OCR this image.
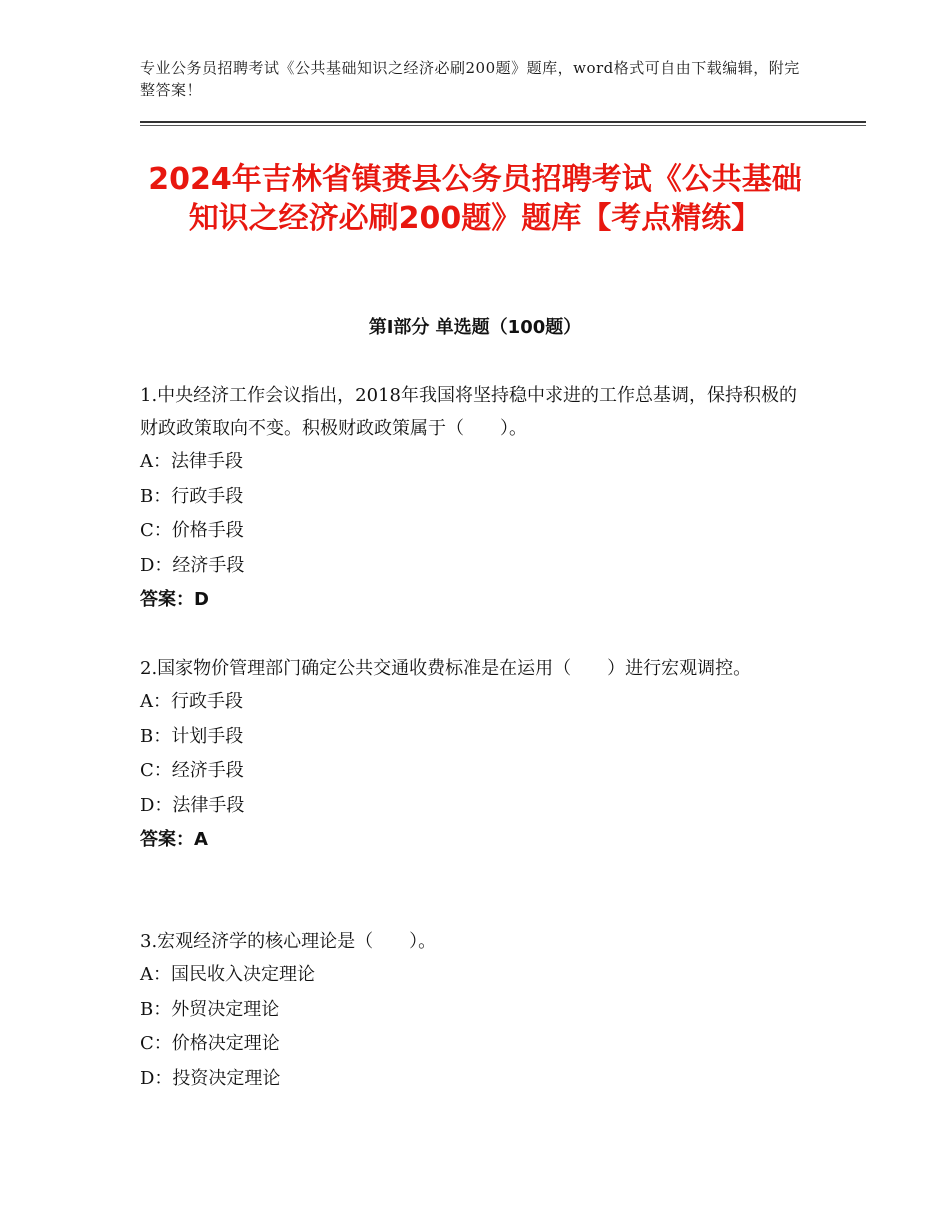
专业公务员招聘考试《公共基础知识之经济必刷200题》题库，word格式可自由下载编辑，附完整答案！
2024年吉林省镇赉县公务员招聘考试《公共基础知识之经济必刷200题》题库【考点精练】
第Ⅰ部分 单选题（100题）

1.中央经济工作会议指出，2018年我国将坚持稳中求进的工作总基调，保持积极的财政政策取向不变。积极财政政策属于（　　）。

A：法律手段

B：行政手段

C：价格手段

D：经济手段

答案：D

2.国家物价管理部门确定公共交通收费标准是在运用（　　）进行宏观调控。

A：行政手段

B：计划手段

C：经济手段

D：法律手段

答案：A

3.宏观经济学的核心理论是（　　）。

A：国民收入决定理论

B：外贸决定理论

C：价格决定理论

D：投资决定理论
